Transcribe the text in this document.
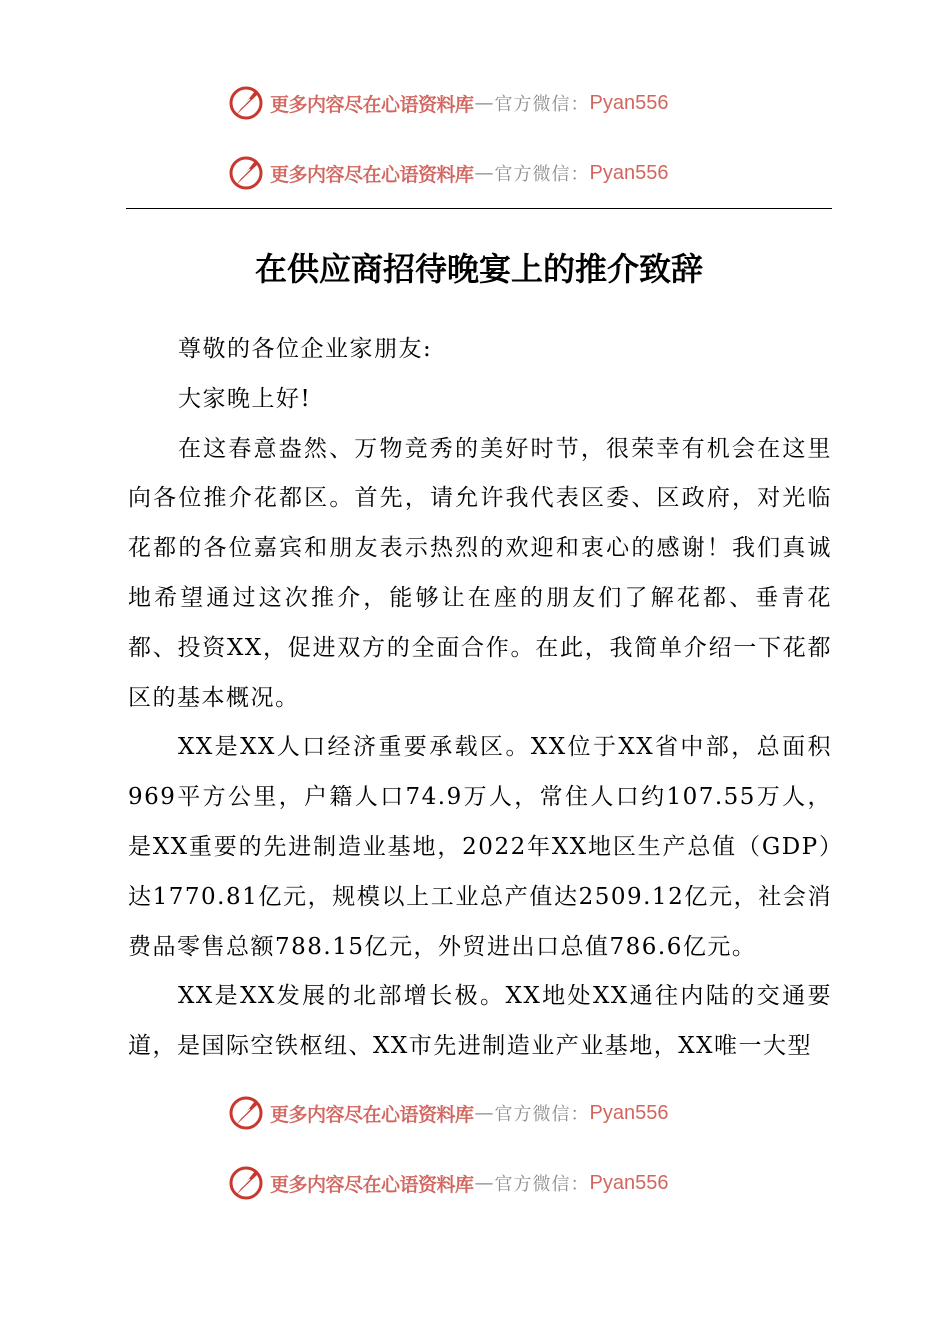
更多内容尽在心语资料库 — 官方微信： Pyan556
更多内容尽在心语资料库 — 官方微信： Pyan556
在供应商招待晚宴上的推介致辞

尊敬的各位企业家朋友:

大家晚上好!

在这春意盎然、万物竞秀的美好时节，很荣幸有机会在这里向各位推介花都区。首先，请允许我代表区委、区政府，对光临花都的各位嘉宾和朋友表示热烈的欢迎和衷心的感谢！我们真诚地希望通过这次推介，能够让在座的朋友们了解花都、垂青花都、投资XX，促进双方的全面合作。在此，我简单介绍一下花都区的基本概况。

XX是XX人口经济重要承载区。XX位于XX省中部，总面积969平方公里，户籍人口74.9万人，常住人口约107.55万人，是XX重要的先进制造业基地，2022年XX地区生产总值（GDP）达1770.81亿元，规模以上工业总产值达2509.12亿元，社会消费品零售总额788.15亿元，外贸进出口总值786.6亿元。

XX是XX发展的北部增长极。XX地处XX通往内陆的交通要道，是国际空铁枢纽、XX市先进制造业产业基地，XX唯一大型

更多内容尽在心语资料库 — 官方微信： Pyan556
更多内容尽在心语资料库 — 官方微信： Pyan556
